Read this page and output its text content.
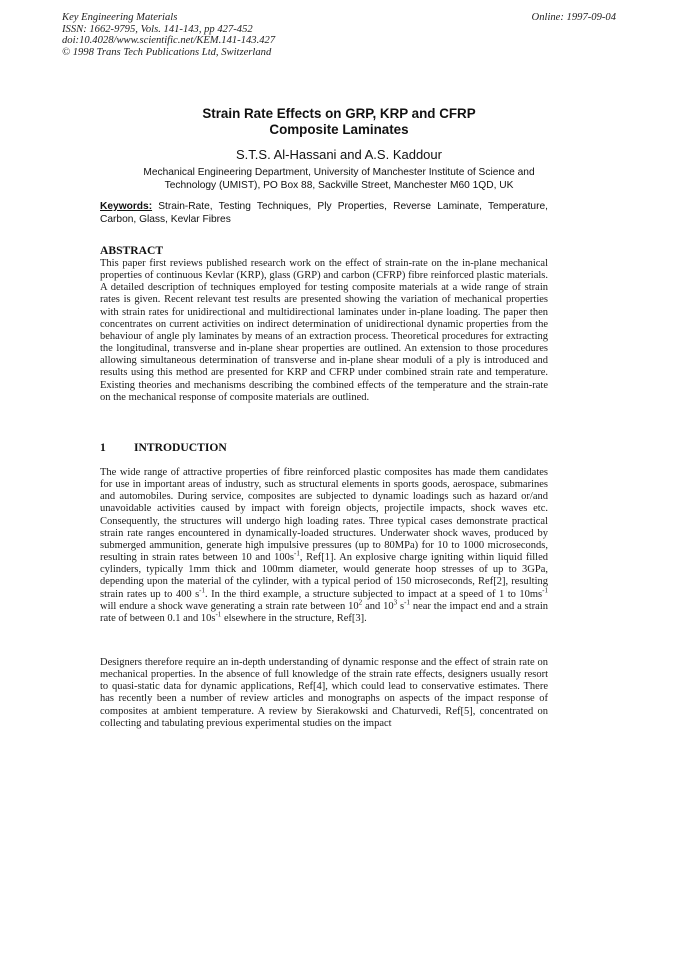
Key Engineering Materials
ISSN: 1662-9795, Vols. 141-143, pp 427-452
doi:10.4028/www.scientific.net/KEM.141-143.427
© 1998 Trans Tech Publications Ltd, Switzerland
Online: 1997-09-04
Strain Rate Effects on GRP, KRP and CFRP
Composite Laminates
S.T.S. Al-Hassani and A.S. Kaddour
Mechanical Engineering Department, University of Manchester Institute of Science and
Technology (UMIST), PO Box 88, Sackville Street, Manchester M60 1QD, UK
Keywords: Strain-Rate, Testing Techniques, Ply Properties, Reverse Laminate, Temperature, Carbon, Glass, Kevlar Fibres
ABSTRACT

This paper first reviews published research work on the effect of strain-rate on the in-plane mechanical properties of continuous Kevlar (KRP), glass (GRP) and carbon (CFRP) fibre reinforced plastic materials. A detailed description of techniques employed for testing composite materials at a wide range of strain rates is given. Recent relevant test results are presented showing the variation of mechanical properties with strain rates for unidirectional and multidirectional laminates under in-plane loading. The paper then concentrates on current activities on indirect determination of unidirectional dynamic properties from the behaviour of angle ply laminates by means of an extraction process. Theoretical procedures for extracting the longitudinal, transverse and in-plane shear properties are outlined. An extension to those procedures allowing simultaneous determination of transverse and in-plane shear moduli of a ply is introduced and results using this method are presented for KRP and CFRP under combined strain rate and temperature. Existing theories and mechanisms describing the combined effects of the temperature and the strain-rate on the mechanical response of composite materials are outlined.

1 INTRODUCTION

The wide range of attractive properties of fibre reinforced plastic composites has made them candidates for use in important areas of industry, such as structural elements in sports goods, aerospace, submarines and automobiles. During service, composites are subjected to dynamic loadings such as hazard or/and unavoidable activities caused by impact with foreign objects, projectile impacts, shock waves etc. Consequently, the structures will undergo high loading rates. Three typical cases demonstrate practical strain rate ranges encountered in dynamically-loaded structures. Underwater shock waves, produced by submerged ammunition, generate high impulsive pressures (up to 80MPa) for 10 to 1000 microseconds, resulting in strain rates between 10 and $100s^{-1}$, Ref[1]. An explosive charge igniting within liquid filled cylinders, typically 1mm thick and 100mm diameter, would generate hoop stresses of up to 3GPa, depending upon the material of the cylinder, with a typical period of 150 microseconds, Ref[2], resulting strain rates up to 400 $s^{-1}$. In the third example, a structure subjected to impact at a speed of 1 to $10ms^{-1}$ will endure a shock wave generating a strain rate between $10^2$ and $10^3$ $s^{-1}$ near the impact end and a strain rate of between 0.1 and $10s^{-1}$ elsewhere in the structure, Ref[3].

Designers therefore require an in-depth understanding of dynamic response and the effect of strain rate on mechanical properties. In the absence of full knowledge of the strain rate effects, designers usually resort to quasi-static data for dynamic applications, Ref[4], which could lead to conservative estimates. There has recently been a number of review articles and monographs on aspects of the impact response of composites at ambient temperature. A review by Sierakowski and Chaturvedi, Ref[5], concentrated on collecting and tabulating previous experimental studies on the impact
